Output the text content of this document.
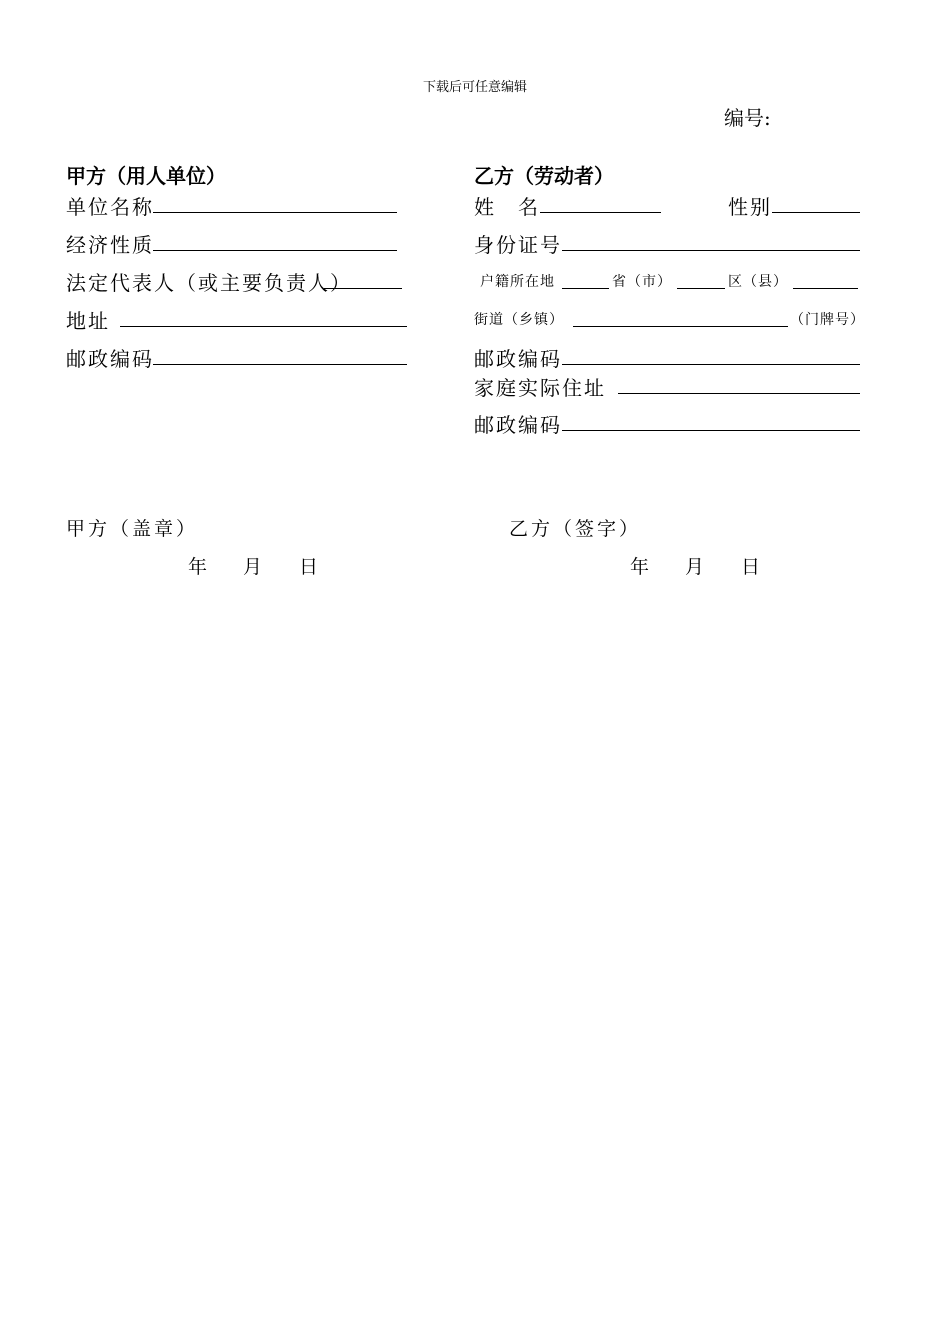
下载后可任意编辑
编号:
甲方（用人单位）
单位名称
经济性质
法定代表人（或主要负责人）
地址
邮政编码
乙方（劳动者）
姓　名	性别
身份证号
户籍所在地	省（市）	区（县）
街道（乡镇）	（门牌号）
邮政编码
家庭实际住址
邮政编码
甲方（盖章）	乙方（签字）
年 月 日	年 月 日
